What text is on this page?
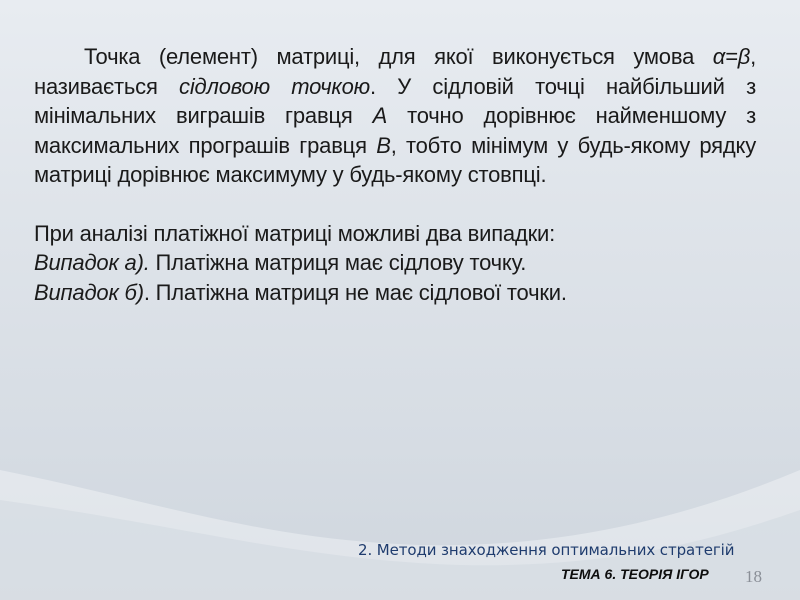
Точка (елемент) матриці, для якої виконується умова α=β, називається сідловою точкою. У сідловій точці найбільший з мінімальних виграшів гравця А точно дорівнює найменшому з максимальних програшів гравця В, тобто мінімум у будь-якому рядку матриці дорівнює максимуму у будь-якому стовпці.

При аналізі платіжної матриці можливі два випадки:

Випадок а). Платіжна матриця має сідлову точку.

Випадок б). Платіжна матриця не має сідлової точки.

2. Методи знаходження оптимальних стратегій
ТЕМА 6. ТЕОРІЯ ІГОР 18
